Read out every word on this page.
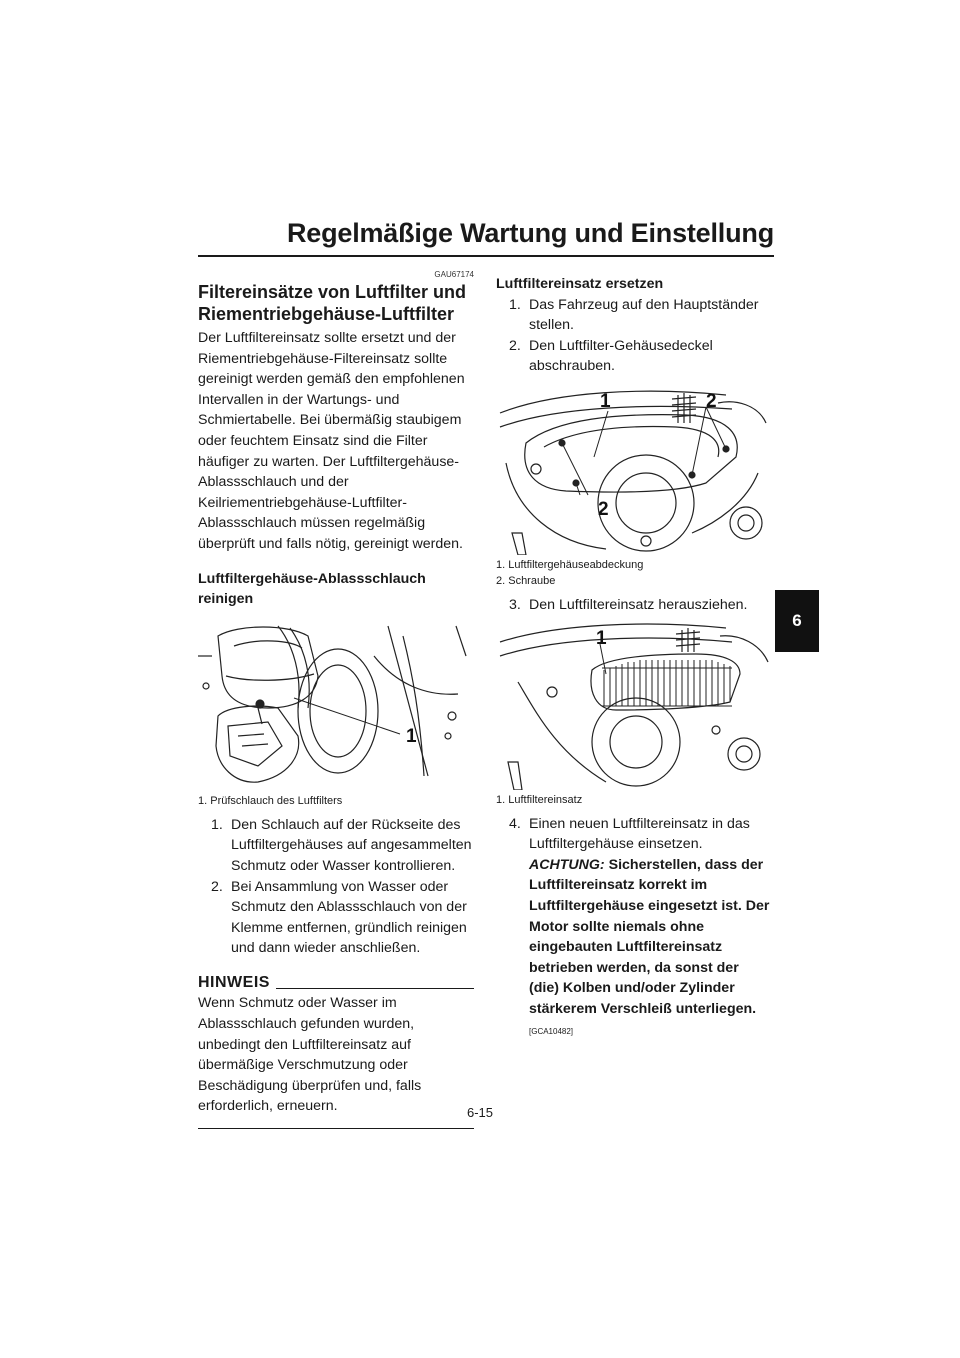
Regelmäßige Wartung und Einstellung
6
GAU67174
Filtereinsätze von Luftfilter und Riementriebgehäuse-Luftfilter

Der Luftfiltereinsatz sollte ersetzt und der Riementriebgehäuse-Filtereinsatz sollte gereinigt werden gemäß den empfohlenen Intervallen in der Wartungs- und Schmiertabelle. Bei übermäßig staubigem oder feuchtem Einsatz sind die Filter häufiger zu warten. Der Luftfiltergehäuse-Ablassschlauch und der Keilriementriebgehäuse-Luftfilter-Ablassschlauch müssen regelmäßig überprüft und falls nötig, gereinigt werden.

Luftfiltergehäuse-Ablassschlauch reinigen
1
1. Prüfschlauch des Luftfilters
1. Den Schlauch auf der Rückseite des Luftfiltergehäuses auf angesammelten Schmutz oder Wasser kontrollieren.
2. Bei Ansammlung von Wasser oder Schmutz den Ablassschlauch von der Klemme entfernen, gründlich reinigen und dann wieder anschließen.
HINWEIS

Wenn Schmutz oder Wasser im Ablassschlauch gefunden wurden, unbedingt den Luftfiltereinsatz auf übermäßige Verschmutzung oder Beschädigung überprüfen und, falls erforderlich, erneuern.

Luftfiltereinsatz ersetzen
1. Das Fahrzeug auf den Hauptständer stellen.
2. Den Luftfilter-Gehäusedeckel abschrauben.
1	2
2
1. Luftfiltergehäuseabdeckung
2. Schraube
3. Den Luftfiltereinsatz herausziehen.
1
1. Luftfiltereinsatz
4. Einen neuen Luftfiltereinsatz in das Luftfiltergehäuse einsetzen.
ACHTUNG: Sicherstellen, dass der Luftfiltereinsatz korrekt im Luftfiltergehäuse eingesetzt ist. Der Motor sollte niemals ohne eingebauten Luftfiltereinsatz betrieben werden, da sonst der (die) Kolben und/oder Zylinder stärkerem Verschleiß unterliegen. [GCA10482]
6-15
